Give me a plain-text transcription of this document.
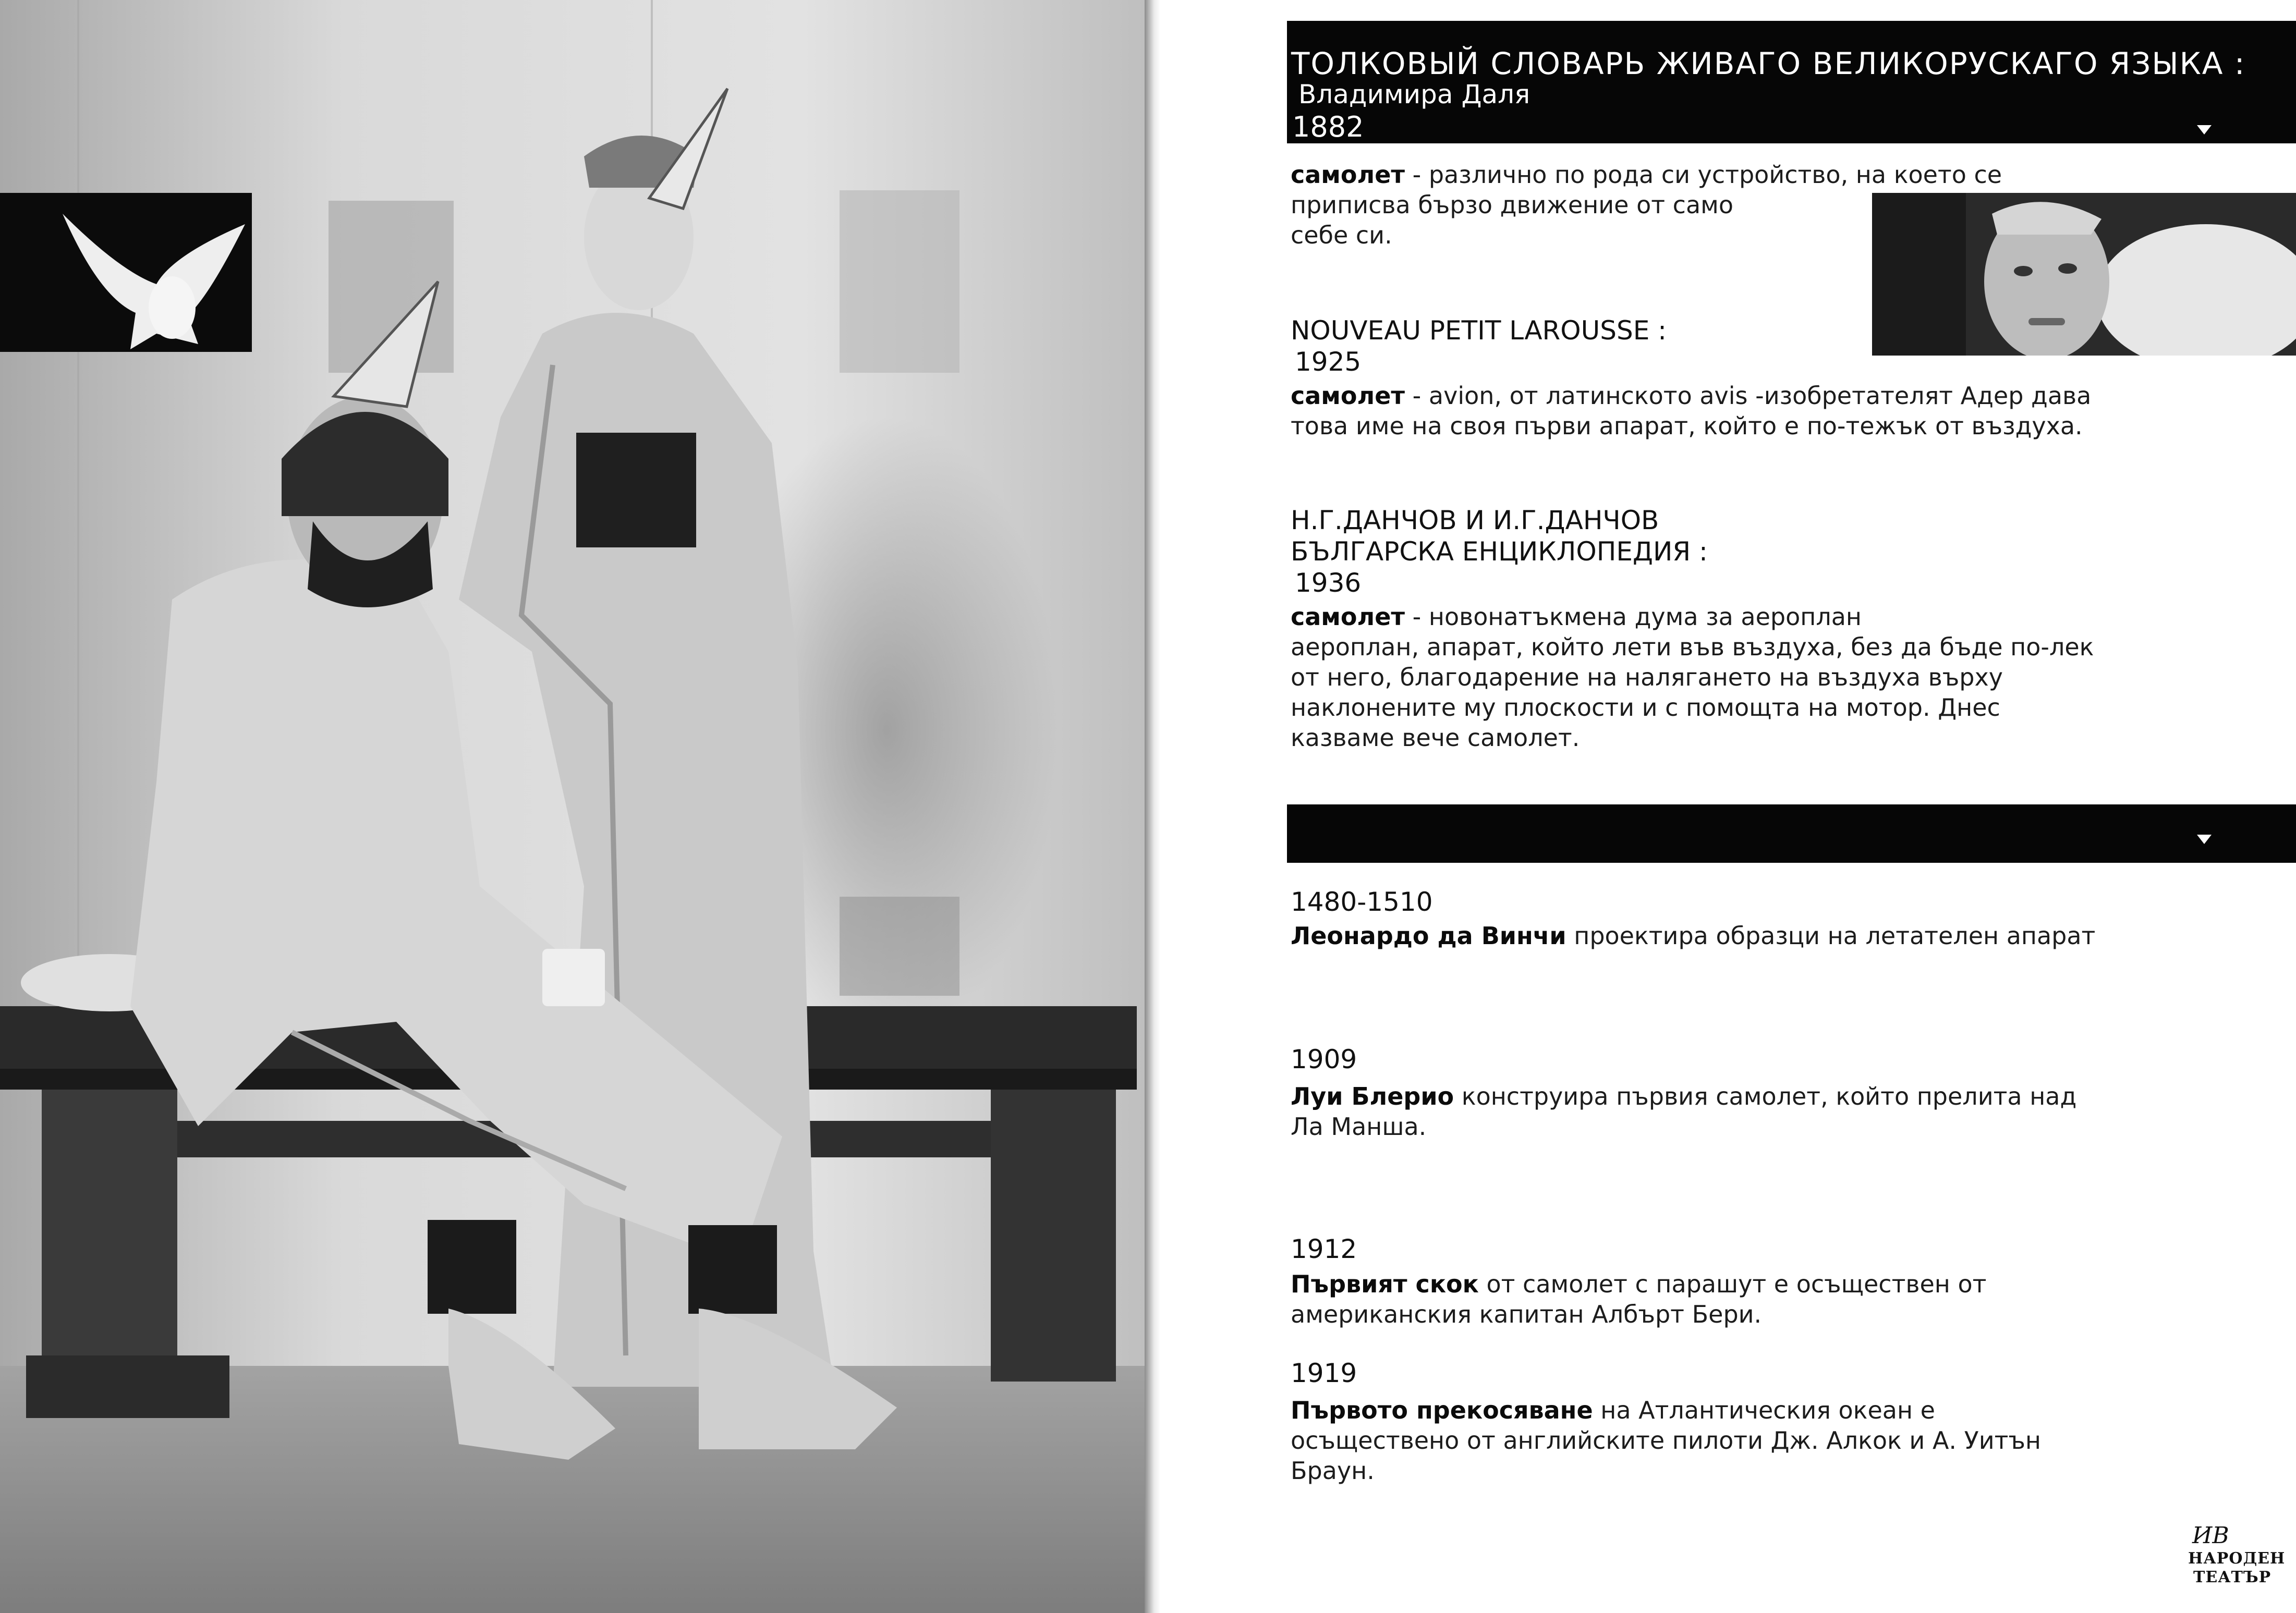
ТОЛКОВЫЙ СЛОВАРЬ ЖИВАГО ВЕЛИКОРУСКАГО ЯЗЫКА :
Владимира Даля
1882
самолет - различно по рода си устройство, на което се
приписва бързо движение от само
себе си.
NOUVEAU PETIT LAROUSSE :
1925
самолет - avion, от латинското avis -изобретателят Адер дава
това име на своя първи апарат, който е по-тежък от въздуха.
Н.Г.ДАНЧОВ И И.Г.ДАНЧОВ
БЪЛГАРСКА ЕНЦИКЛОПЕДИЯ :
1936
самолет - новонатъкмена дума за аероплан
аероплан, апарат, който лети във въздуха, без да бъде по-лек
от него, благодарение на налягането на въздуха върху
наклонените му плоскости и с помощта на мотор. Днес
казваме вече самолет.
1480-1510
Леонардо да Винчи проектира образци на летателен апарат
1909
Луи Блерио конструира първия самолет, който прелита над
Ла Манша.
1912
Първият скок от самолет с парашут е осъществен от
американския капитан Албърт Бери.
1919
Първото прекосяване на Атлантическия океан е
осъществено от английските пилоти Дж. Алкок и А. Уитън
Браун.
ИВ
НАРОДЕН
ТЕАТЪР
